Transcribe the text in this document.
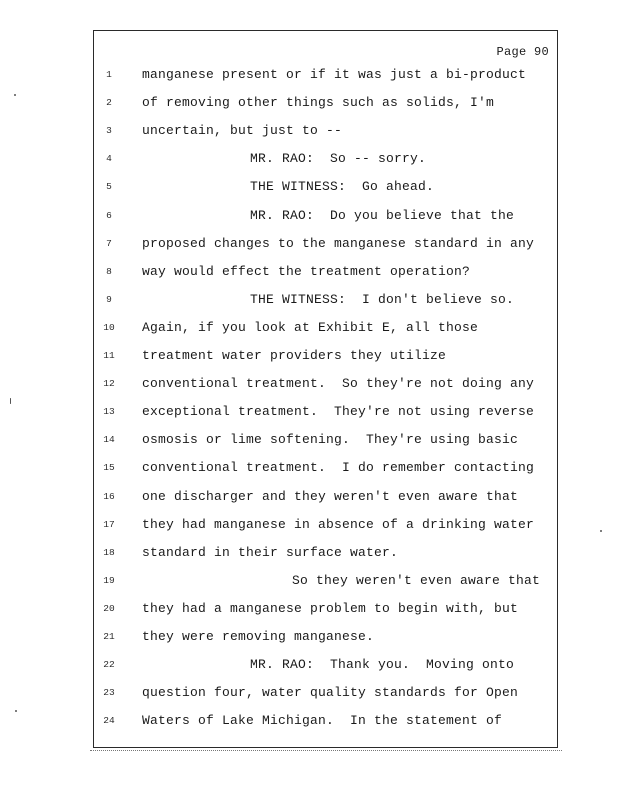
Page 90
1	manganese present or if it was just a bi-product
2	of removing other things such as solids, I'm
3	uncertain, but just to --
4	MR. RAO:  So -- sorry.
5	THE WITNESS:  Go ahead.
6	MR. RAO:  Do you believe that the
7	proposed changes to the manganese standard in any
8	way would effect the treatment operation?
9	THE WITNESS:  I don't believe so.
10	Again, if you look at Exhibit E, all those
11	treatment water providers they utilize
12	conventional treatment.  So they're not doing any
13	exceptional treatment.  They're not using reverse
14	osmosis or lime softening.  They're using basic
15	conventional treatment.  I do remember contacting
16	one discharger and they weren't even aware that
17	they had manganese in absence of a drinking water
18	standard in their surface water.
19	So they weren't even aware that
20	they had a manganese problem to begin with, but
21	they were removing manganese.
22	MR. RAO:  Thank you.  Moving onto
23	question four, water quality standards for Open
24	Waters of Lake Michigan.  In the statement of
